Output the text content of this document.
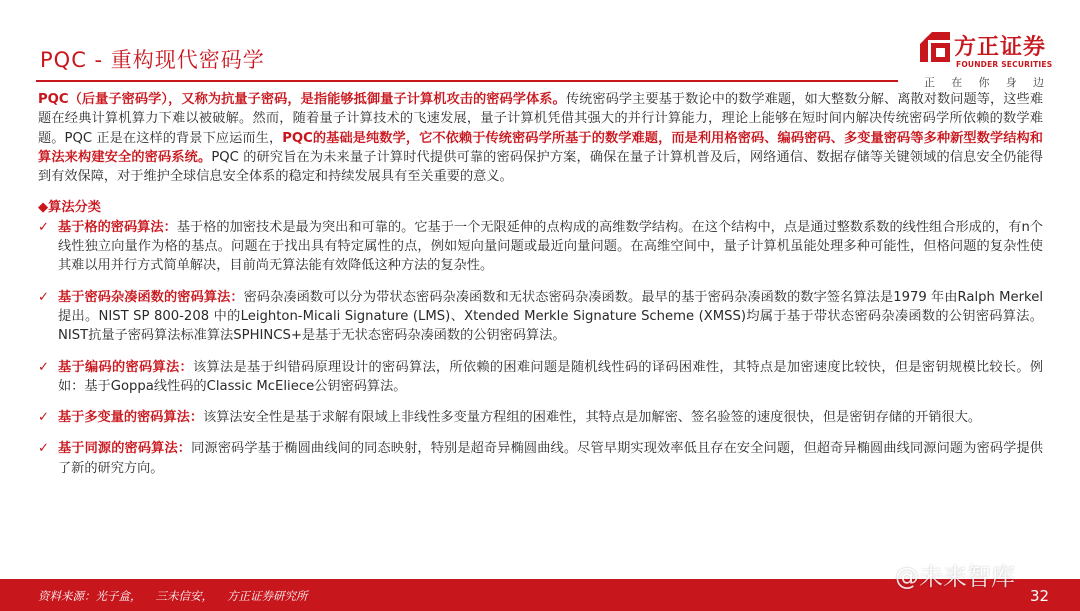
PQC - 重构现代密码学	方正证券
FOUNDER SECURITIES
正 在 你 身 边

PQC（后量子密码学），又称为抗量子密码，是指能够抵御量子计算机攻击的密码学体系。传统密码学主要基于数论中的数学难题，如大整数分解、离散对数问题等，这些难题在经典计算机算力下难以被破解。然而，随着量子计算技术的飞速发展，量子计算机凭借其强大的并行计算能力，理论上能够在短时间内解决传统密码学所依赖的数学难题。PQC 正是在这样的背景下应运而生，PQC的基础是纯数学，它不依赖于传统密码学所基于的数学难题，而是利用格密码、编码密码、多变量密码等多种新型数学结构和算法来构建安全的密码系统。PQC 的研究旨在为未来量子计算时代提供可靠的密码保护方案，确保在量子计算机普及后，网络通信、数据存储等关键领域的信息安全仍能得到有效保障，对于维护全球信息安全体系的稳定和持续发展具有至关重要的意义。

◆算法分类

✓ 基于格的密码算法：基于格的加密技术是最为突出和可靠的。它基于一个无限延伸的点构成的高维数学结构。在这个结构中，点是通过整数系数的线性组合形成的，有n个线性独立向量作为格的基点。问题在于找出具有特定属性的点，例如短向量问题或最近向量问题。在高维空间中，量子计算机虽能处理多种可能性，但格问题的复杂性使其难以用并行方式简单解决，目前尚无算法能有效降低这种方法的复杂性。

✓ 基于密码杂凑函数的密码算法：密码杂凑函数可以分为带状态密码杂凑函数和无状态密码杂凑函数。最早的基于密码杂凑函数的数字签名算法是1979 年由Ralph Merkel 提出。NIST SP 800-208 中的Leighton-Micali Signature (LMS)、Xtended Merkle Signature Scheme (XMSS)均属于基于带状态密码杂凑函数的公钥密码算法。NIST抗量子密码算法标准算法SPHINCS+是基于无状态密码杂凑函数的公钥密码算法。

✓ 基于编码的密码算法：该算法是基于纠错码原理设计的密码算法，所依赖的困难问题是随机线性码的译码困难性，其特点是加密速度比较快，但是密钥规模比较长。例如：基于Goppa线性码的Classic McEliece公钥密码算法。

✓ 基于多变量的密码算法：该算法安全性是基于求解有限域上非线性多变量方程组的困难性，其特点是加解密、签名验签的速度很快，但是密钥存储的开销很大。

✓ 基于同源的密码算法：同源密码学基于椭圆曲线间的同态映射，特别是超奇异椭圆曲线。尽管早期实现效率低且存在安全问题，但超奇异椭圆曲线同源问题为密码学提供了新的研究方向。

资料来源：光子盒， 三未信安， 方正证券研究所
@未来智库
32
